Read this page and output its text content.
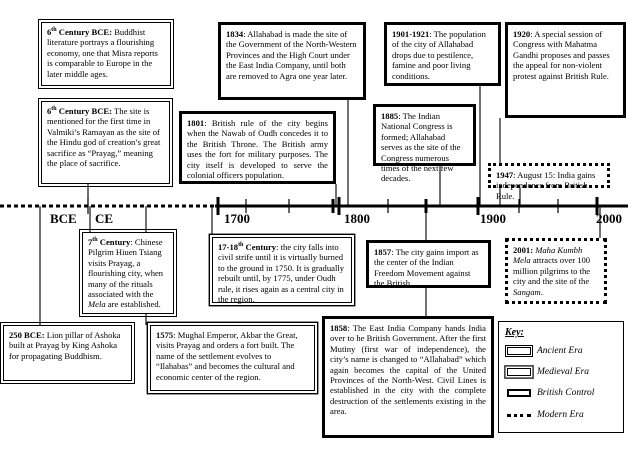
BCE CE	1700	1800	1900	2000
6th Century BCE: Buddhist literature portrays a flourishing economy, one that Misra reports is comparable to Europe in the later middle ages.
6th Century BCE: The site is mentioned for the first time in Valmiki’s Ramayan as the site of the Hindu god of creation’s great sacrifice as “Prayag,” meaning the place of sacrifice.
7th Century: Chinese Pilgrim Hiuen Tsiang visits Prayag, a flourishing city, when many of the rituals associated with the Mela are established.
250 BCE: Lion pillar of Ashoka built at Prayag by King Ashoka for propagating Buddhism.
1575: Mughal Emperor, Akbar the Great, visits Prayag and orders a fort built. The name of the settlement evolves to “Ilahabas” and becomes the cultural and economic center of the region.
17-18th Century: the city falls into civil strife until it is virtually burned to the ground in 1750. It is gradually rebuilt until, by 1775, under Oudh rule, it rises again as a central city in the region.
1801: British rule of the city begins when the Nawab of Oudh concedes it to the British Throne. The British army uses the fort for military purposes. The city itself is developed to serve the colonial officers population.
1834: Allahabad is made the site of the Government of the North-Western Provinces and the High Court under the East India Company, until both are removed to Agra one year later.
1857: The city gains import as the center of the Indian Freedom Movement against the British.
1858: The East India Company hands India over to he British Government. After the first Mutiny (first war of independence), the city’s name is changed to “Allahabad” which again becomes the capital of the United Provinces of the North-West. Civil Lines is established in the city with the complete destruction of the settlements existing in the area.
1885: The Indian National Congress is formed; Allahabad serves as the site of the Congress numerous times of the next few decades.
1901-1921: The population of the city of Allahabad drops due to pestilence, famine and poor living conditions.
1920: A special session of Congress with Mahatma Gandhi proposes and passes the appeal for non-violent protest against British Rule.
1947: August 15: India gains independence from British Rule.
2001: Maha Kumbh Mela attracts over 100 million pilgrims to the city and the site of the Sangam.
Key:
Ancient Era
Medieval Era
British Control
Modern Era
